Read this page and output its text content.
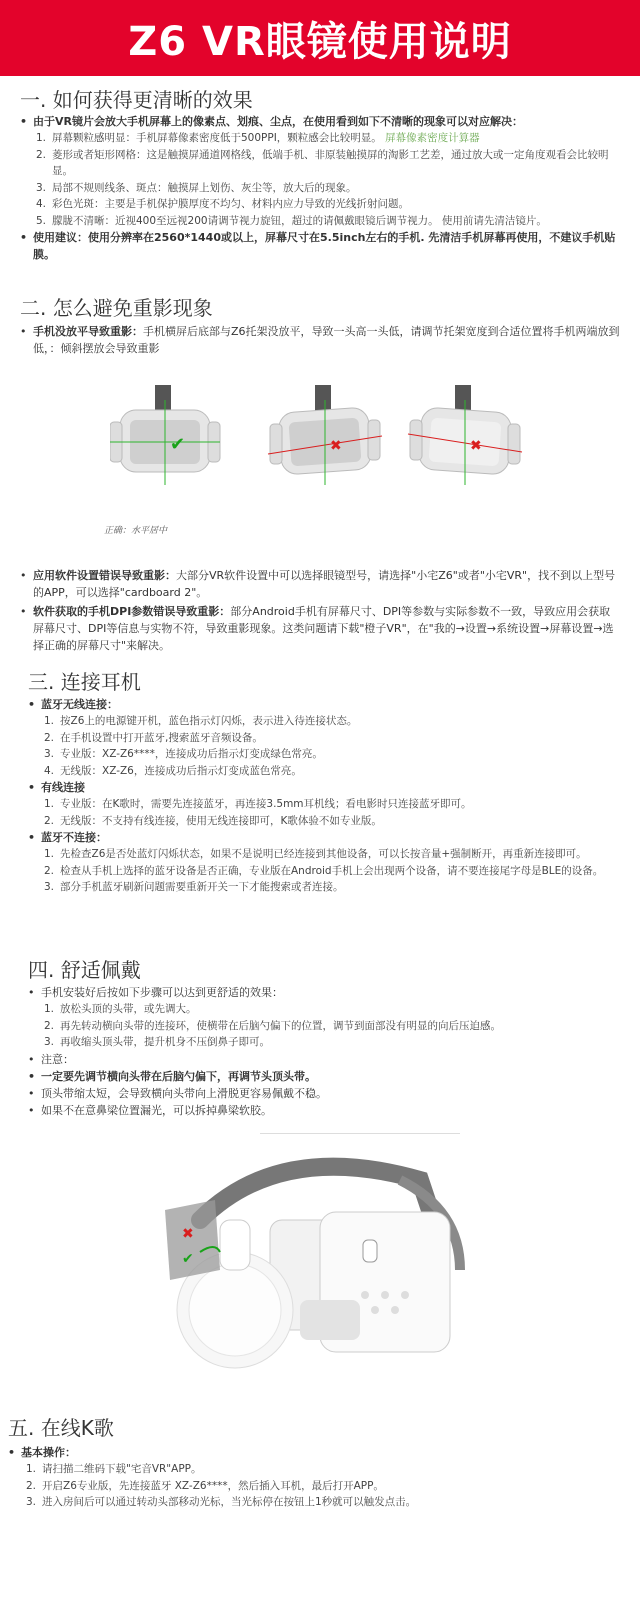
Z6 VR眼镜使用说明
一. 如何获得更清晰的效果
• 由于VR镜片会放大手机屏幕上的像素点、划痕、尘点，在使用看到如下不清晰的现象可以对应解决：
1. 屏幕颗粒感明显：手机屏幕像素密度低于500PPI，颗粒感会比较明显。 屏幕像素密度计算器
2. 菱形或者矩形网格：这是触摸屏通道网格线，低端手机、非原装触摸屏的淘影工艺差，通过放大或一定角度观看会比较明显。
3. 局部不规则线条、斑点：触摸屏上划伤、灰尘等，放大后的现象。
4. 彩色光斑：主要是手机保护膜厚度不均匀、材料内应力导致的光线折射问题。
5. 朦胧不清晰：近视400至远视200请调节视力旋钮，超过的请佩戴眼镜后调节视力。 使用前请先清洁镜片。
• 使用建议：使用分辨率在2560*1440或以上，屏幕尺寸在5.5inch左右的手机. 先清洁手机屏幕再使用，不建议手机贴膜。
二. 怎么避免重影现象
• 手机没放平导致重影：手机横屏后底部与Z6托架没放平，导致一头高一头低，请调节托架宽度到合适位置将手机两端放到低，：倾斜摆放会导致重影
✔	✖	✖
正确：水平居中
• 应用软件设置错误导致重影：大部分VR软件设置中可以选择眼镜型号，请选择"小宅Z6"或者"小宅VR"，找不到以上型号的APP，可以选择"cardboard 2"。
• 软件获取的手机DPI参数错误导致重影：部分Android手机有屏幕尺寸、DPI等参数与实际参数不一致，导致应用会获取屏幕尺寸、DPI等信息与实物不符，导致重影现象。这类问题请下载"橙子VR"，在"我的→设置→系统设置→屏幕设置→选择正确的屏幕尺寸"来解决。
三. 连接耳机
• 蓝牙无线连接：
1. 按Z6上的电源键开机，蓝色指示灯闪烁，表示进入待连接状态。
2. 在手机设置中打开蓝牙,搜索蓝牙音频设备。
3. 专业版：XZ-Z6****，连接成功后指示灯变成绿色常亮。
4. 无线版：XZ-Z6，连接成功后指示灯变成蓝色常亮。
• 有线连接
1. 专业版：在K歌时，需要先连接蓝牙，再连接3.5mm耳机线；看电影时只连接蓝牙即可。
2. 无线版：不支持有线连接，使用无线连接即可，K歌体验不如专业版。
• 蓝牙不连接：
1. 先检查Z6是否处蓝灯闪烁状态，如果不是说明已经连接到其他设备，可以长按音量+强制断开，再重新连接即可。
2. 检查从手机上选择的蓝牙设备是否正确，专业版在Android手机上会出现两个设备，请不要连接尾字母是BLE的设备。
3. 部分手机蓝牙刷新问题需要重新开关一下才能搜索或者连接。
四. 舒适佩戴
• 手机安装好后按如下步骤可以达到更舒适的效果：
1. 放松头顶的头带，或先调大。
2. 再先转动横向头带的连接环，使横带在后脑勺偏下的位置，调节到面部没有明显的向后压迫感。
3. 再收缩头顶头带，提升机身不压倒鼻子即可。
• 注意：
• 一定要先调节横向头带在后脑勺偏下，再调节头顶头带。
• 顶头带缩太短，会导致横向头带向上滑脱更容易佩戴不稳。
• 如果不在意鼻梁位置漏光，可以拆掉鼻梁软胶。
✖
✔
五. 在线K歌
• 基本操作：
1. 请扫描二维码下载"宅音VR"APP。
2. 开启Z6专业版，先连接蓝牙 XZ-Z6****，然后插入耳机，最后打开APP。
3. 进入房间后可以通过转动头部移动光标，当光标停在按钮上1秒就可以触发点击。
